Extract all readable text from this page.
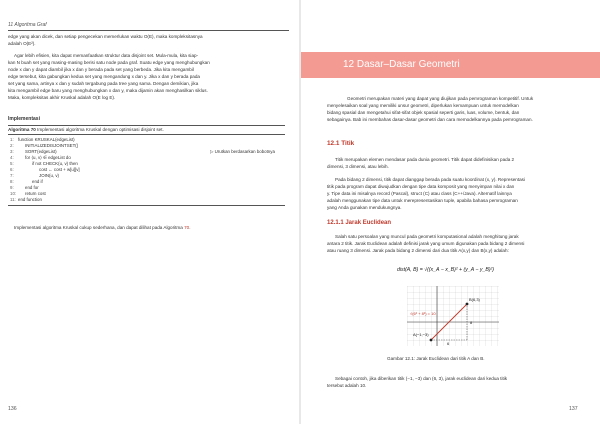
11 Algoritma Graf
edge yang akan dicek, dan setiap pengecekan memerlukan waktu O(E), maka kompleksitasnya
adalah O(E²).
Agar lebih efisien, kita dapat memanfaatkan struktur data disjoint set. Mula-mula, kita siap-
kan N buah set yang masing-masing berisi satu node pada graf. Suatu edge yang menghubungkan
node x dan y dapat diambil jika x dan y berada pada set yang berbeda. Jika kita mengambil
edge tersebut, kita gabungkan kedua set yang mengandung x dan y. Jika x dan y berada pada
set yang sama, artinya x dan y sudah tergabung pada tree yang sama. Dengan demikian, jika
kita mengambil edge baru yang menghubungkan x dan y, maka dijamin akan menghasilkan siklus.
Maka, kompleksitas akhir Kruskal adalah O(E log E).
Implementasi
Algoritma 70 Implementasi algoritma Kruskal dengan optimisasi disjoint set.
1: function KRUSKAL(edgeList)
2:	INITIALIZEDISJOINTSET()
3:	SORT(edgeList)	▷ Urutkan berdasarkan bobotnya
4:	for ⟨u, v⟩ ∈ edgeList do
5:	if not CHECK(u, v) then
6:	cost ← cost + w[u][v]
7:	JOIN(u, v)
8:	end if
9:	end for
10: return cost
11: end function
Implementasi algoritma Kruskal cukup sederhana, dan dapat dilihat pada Algoritma 70.
136
12 Dasar–Dasar Geometri
Geometri merupakan materi yang dapat yang diujikan pada pemrograman kompetitif. Untuk
menyelesaikan soal yang memiliki unsur geometri, diperlukan kemampuan untuk memodelkan
bidang spasial dan mengetahui sifat-sifat objek spasial seperti garis, luas, volume, bentuk, dan
sebagainya. Bab ini membahas dasar-dasar geometri dan cara memodelkannya pada pemrograman.
12.1 Titik
Titik merupakan elemen mendasar pada dunia geometri. Titik dapat didefinisikan pada 2
dimensi, 3 dimensi, atau lebih.
Pada bidang 2 dimensi, titik dapat dianggap berada pada suatu koordinat (x, y). Representasi
titik pada program dapat diwujudkan dengan tipe data komposit yang menyimpan nilai x dan
y. Tipe data ini misalnya record (Pascal), struct (C) atau class (C++/Java). Alternatif lainnya
adalah menggunakan tipe data untuk merepresentasikan tuple, apabila bahasa pemrograman
yang Anda gunakan mendukungnya.
12.1.1 Jarak Euclidean
Salah satu persoalan yang muncul pada geometri komputasional adalah menghitung jarak
antara 2 titik. Jarak Euclidean adalah definisi jarak yang umum digunakan pada bidang 2 dimensi
atau ruang 3 dimensi. Jarak pada bidang 2 dimensi dari dua titik A(x,y) dan B(x,y) adalah:
dist(A, B) = √((x_A − x_B)² + (y_A − y_B)²)
A(−1,−3)
B(6,3)
√(6² + 8²) = 10
6
8
Gambar 12.1: Jarak Euclidean dari titik A dan B.
Sebagai contoh, jika diberikan titik (−1, −3) dan (6, 3), jarak euclidean dari kedua titik
tersebut adalah 10.
137
